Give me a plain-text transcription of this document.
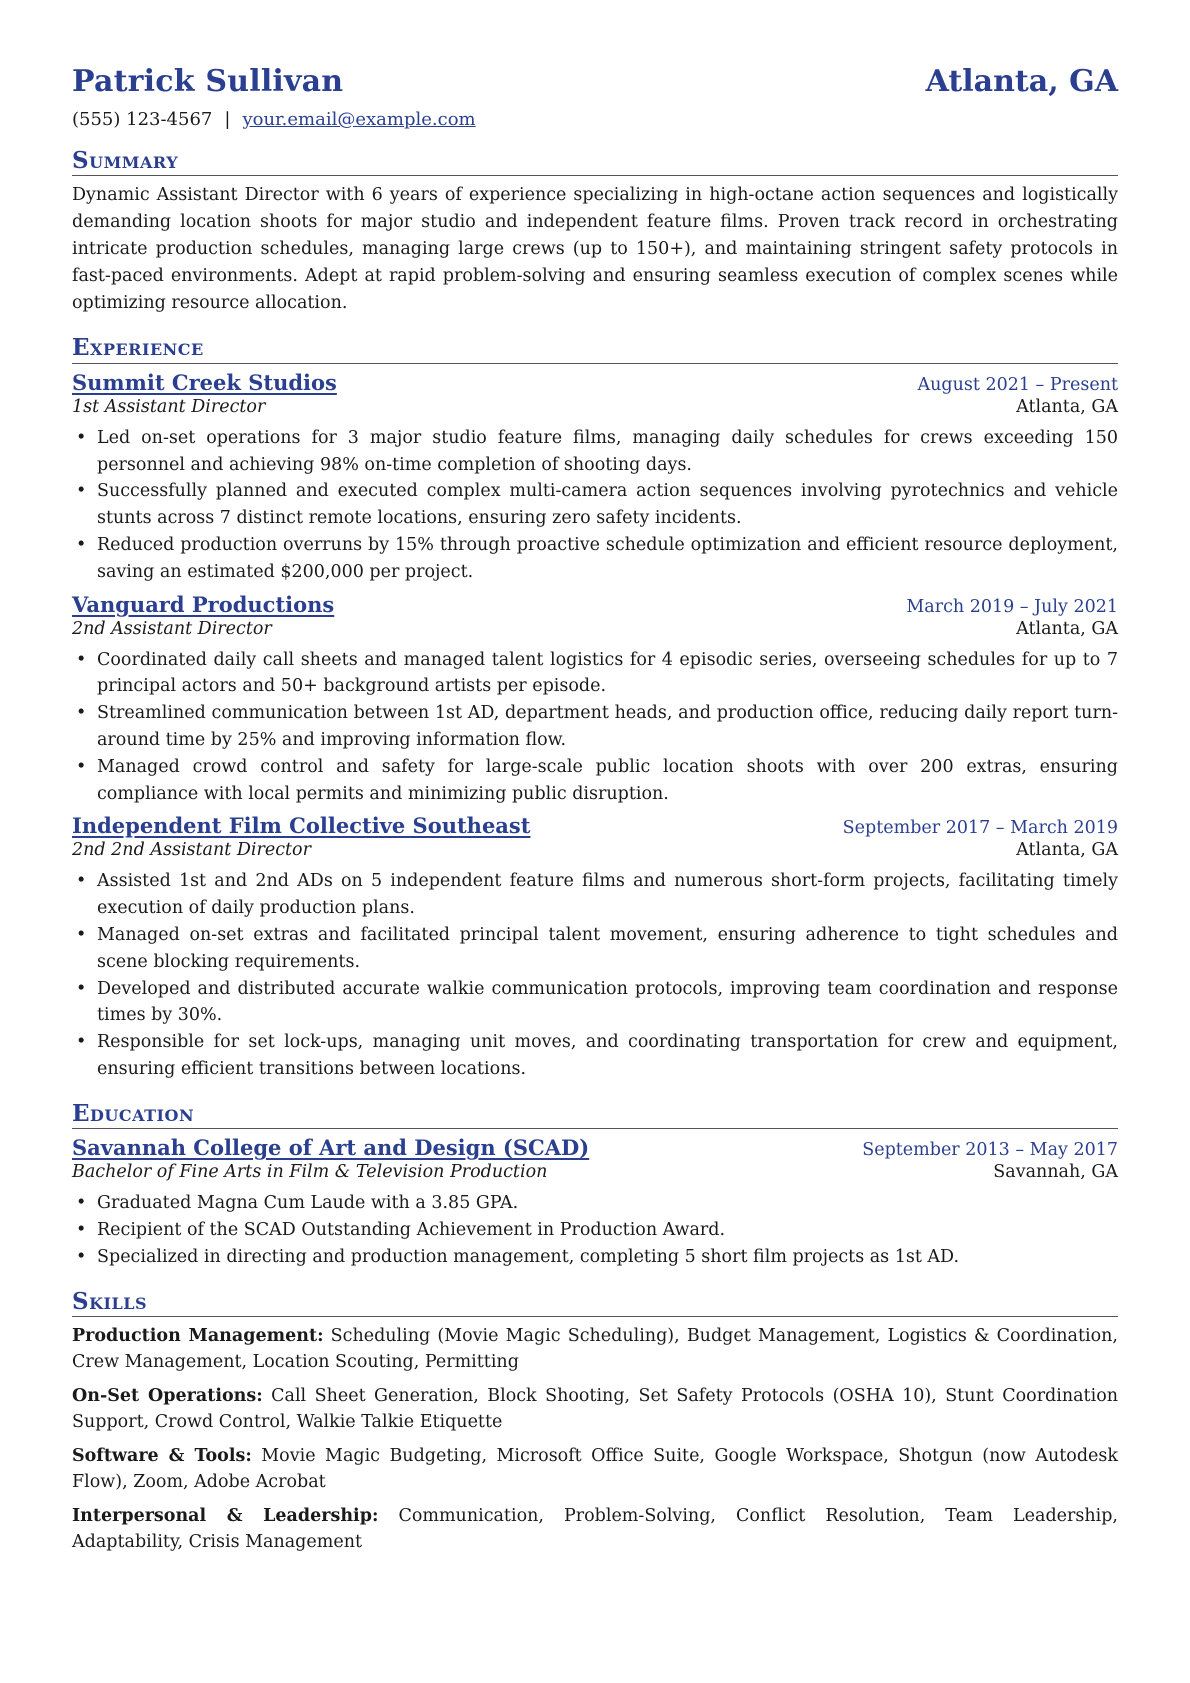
Patrick Sullivan	Atlanta, GA
(555) 123-4567 | your.email@example.com
Summary
Dynamic Assistant Director with 6 years of experience specializing in high-octane action sequences and logistically demanding location shoots for major studio and independent feature films. Proven track record in orchestrating intricate production schedules, managing large crews (up to 150+), and maintaining stringent safety protocols in fast-paced environments. Adept at rapid problem-solving and ensuring seamless execution of complex scenes while optimizing resource allocation.
Experience
Summit Creek Studios	August 2021 – Present
1st Assistant Director	Atlanta, GA
• Led on-set operations for 3 major studio feature films, managing daily schedules for crews exceeding 150 personnel and achieving 98% on-time completion of shooting days.
• Successfully planned and executed complex multi-camera action sequences involving pyrotechnics and vehicle stunts across 7 distinct remote locations, ensuring zero safety incidents.
• Reduced production overruns by 15% through proactive schedule optimization and efficient resource deployment, saving an estimated $200,000 per project.
Vanguard Productions	March 2019 – July 2021
2nd Assistant Director	Atlanta, GA
• Coordinated daily call sheets and managed talent logistics for 4 episodic series, overseeing schedules for up to 7 principal actors and 50+ background artists per episode.
• Streamlined communication between 1st AD, department heads, and production office, reducing daily report turn-around time by 25% and improving information flow.
• Managed crowd control and safety for large-scale public location shoots with over 200 extras, ensuring compliance with local permits and minimizing public disruption.
Independent Film Collective Southeast	September 2017 – March 2019
2nd 2nd Assistant Director	Atlanta, GA
• Assisted 1st and 2nd ADs on 5 independent feature films and numerous short-form projects, facilitating timely execution of daily production plans.
• Managed on-set extras and facilitated principal talent movement, ensuring adherence to tight schedules and scene blocking requirements.
• Developed and distributed accurate walkie communication protocols, improving team coordination and response times by 30%.
• Responsible for set lock-ups, managing unit moves, and coordinating transportation for crew and equipment, ensuring efficient transitions between locations.
Education
Savannah College of Art and Design (SCAD)	September 2013 – May 2017
Bachelor of Fine Arts in Film & Television Production	Savannah, GA
• Graduated Magna Cum Laude with a 3.85 GPA.
• Recipient of the SCAD Outstanding Achievement in Production Award.
• Specialized in directing and production management, completing 5 short film projects as 1st AD.
Skills
Production Management: Scheduling (Movie Magic Scheduling), Budget Management, Logistics & Coordination, Crew Management, Location Scouting, Permitting
On-Set Operations: Call Sheet Generation, Block Shooting, Set Safety Protocols (OSHA 10), Stunt Coordination Support, Crowd Control, Walkie Talkie Etiquette
Software & Tools: Movie Magic Budgeting, Microsoft Office Suite, Google Workspace, Shotgun (now Autodesk Flow), Zoom, Adobe Acrobat
Interpersonal & Leadership: Communication, Problem-Solving, Conflict Resolution, Team Leadership, Adaptability, Crisis Management
